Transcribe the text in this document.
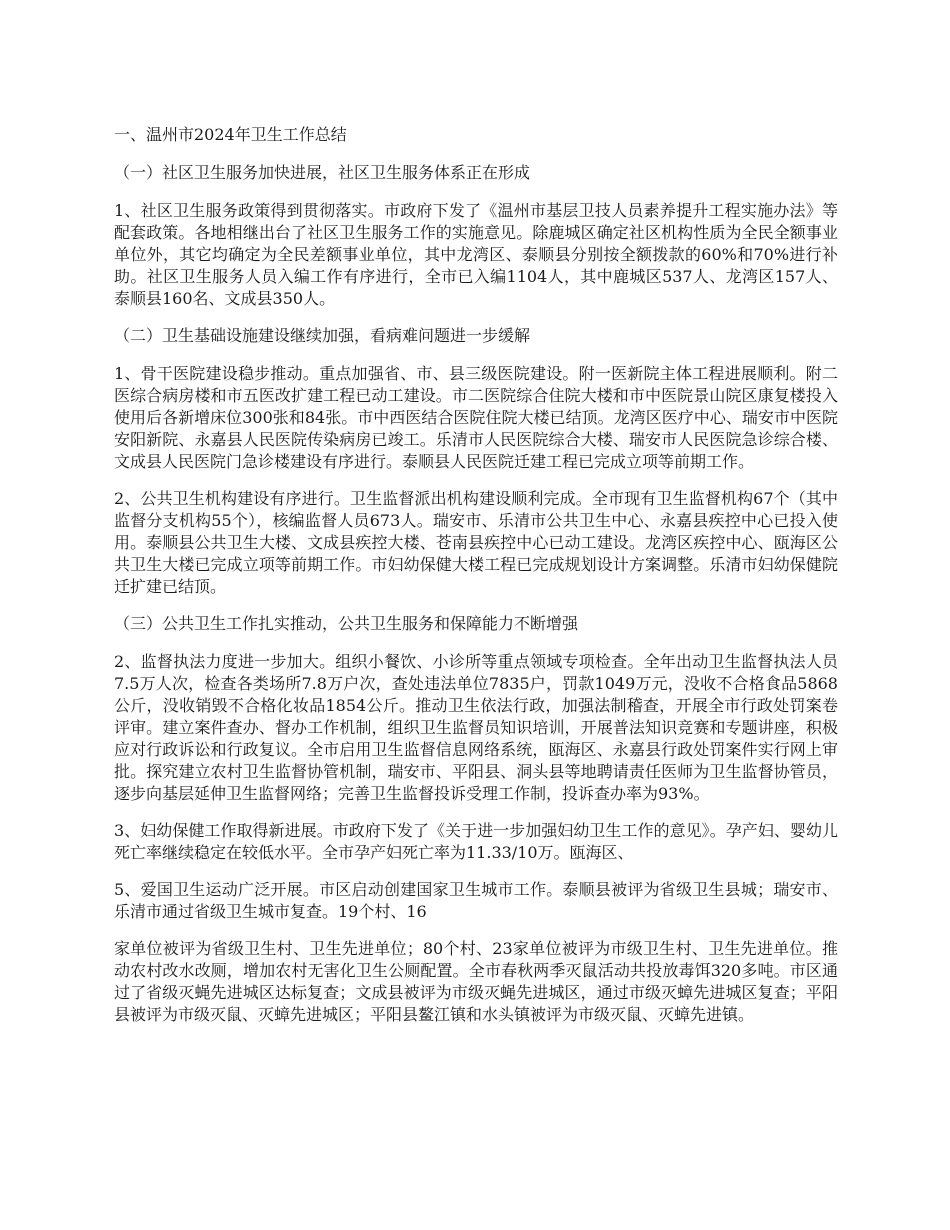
一、温州市2024年卫生工作总结
（一）社区卫生服务加快进展，社区卫生服务体系正在形成
1、社区卫生服务政策得到贯彻落实。市政府下发了《温州市基层卫技人员素养提升工程实施办法》等配套政策。各地相继出台了社区卫生服务工作的实施意见。除鹿城区确定社区机构性质为全民全额事业单位外，其它均确定为全民差额事业单位，其中龙湾区、泰顺县分别按全额拨款的60%和70%进行补助。社区卫生服务人员入编工作有序进行，全市已入编1104人，其中鹿城区537人、龙湾区157人、泰顺县160名、文成县350人。
（二）卫生基础设施建设继续加强，看病难问题进一步缓解
1、骨干医院建设稳步推动。重点加强省、市、县三级医院建设。附一医新院主体工程进展顺利。附二医综合病房楼和市五医改扩建工程已动工建设。市二医院综合住院大楼和市中医院景山院区康复楼投入使用后各新增床位300张和84张。市中西医结合医院住院大楼已结顶。龙湾区医疗中心、瑞安市中医院安阳新院、永嘉县人民医院传染病房已竣工。乐清市人民医院综合大楼、瑞安市人民医院急诊综合楼、文成县人民医院门急诊楼建设有序进行。泰顺县人民医院迁建工程已完成立项等前期工作。
2、公共卫生机构建设有序进行。卫生监督派出机构建设顺利完成。全市现有卫生监督机构67个（其中监督分支机构55个），核编监督人员673人。瑞安市、乐清市公共卫生中心、永嘉县疾控中心已投入使用。泰顺县公共卫生大楼、文成县疾控大楼、苍南县疾控中心已动工建设。龙湾区疾控中心、瓯海区公共卫生大楼已完成立项等前期工作。市妇幼保健大楼工程已完成规划设计方案调整。乐清市妇幼保健院迁扩建已结顶。
（三）公共卫生工作扎实推动，公共卫生服务和保障能力不断增强
2、监督执法力度进一步加大。组织小餐饮、小诊所等重点领域专项检查。全年出动卫生监督执法人员7.5万人次，检查各类场所7.8万户次，查处违法单位7835户，罚款1049万元，没收不合格食品5868公斤，没收销毁不合格化妆品1854公斤。推动卫生依法行政，加强法制稽查，开展全市行政处罚案卷评审。建立案件查办、督办工作机制，组织卫生监督员知识培训，开展普法知识竞赛和专题讲座，积极应对行政诉讼和行政复议。全市启用卫生监督信息网络系统，瓯海区、永嘉县行政处罚案件实行网上审批。探究建立农村卫生监督协管机制，瑞安市、平阳县、洞头县等地聘请责任医师为卫生监督协管员，逐步向基层延伸卫生监督网络；完善卫生监督投诉受理工作制，投诉查办率为93%。
3、妇幼保健工作取得新进展。市政府下发了《关于进一步加强妇幼卫生工作的意见》。孕产妇、婴幼儿死亡率继续稳定在较低水平。全市孕产妇死亡率为11.33/10万。瓯海区、
5、爱国卫生运动广泛开展。市区启动创建国家卫生城市工作。泰顺县被评为省级卫生县城；瑞安市、乐清市通过省级卫生城市复查。19个村、16
家单位被评为省级卫生村、卫生先进单位；80个村、23家单位被评为市级卫生村、卫生先进单位。推动农村改水改厕，增加农村无害化卫生公厕配置。全市春秋两季灭鼠活动共投放毒饵320多吨。市区通过了省级灭蝇先进城区达标复查；文成县被评为市级灭蝇先进城区，通过市级灭蟑先进城区复查；平阳县被评为市级灭鼠、灭蟑先进城区；平阳县鳌江镇和水头镇被评为市级灭鼠、灭蟑先进镇。
